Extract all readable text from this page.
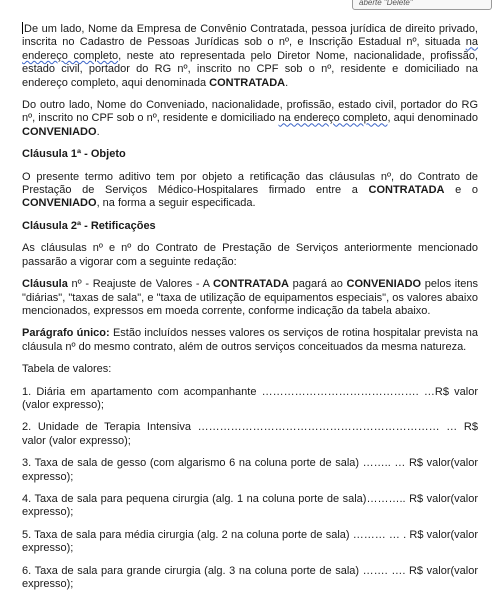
aberte "Delete"

De um lado, Nome da Empresa de Convênio Contratada, pessoa jurídica de direito privado, inscrita no Cadastro de Pessoas Jurídicas sob o nº, e Inscrição Estadual nº, situada na endereço completo, neste ato representada pelo Diretor Nome, nacionalidade, profissão, estado civil, portador do RG nº, inscrito no CPF sob o nº, residente e domiciliado na endereço completo, aqui denominada CONTRATADA.

Do outro lado, Nome do Conveniado, nacionalidade, profissão, estado civil, portador do RG nº, inscrito no CPF sob o nº, residente e domiciliado na endereço completo, aqui denominado CONVENIADO.

Cláusula 1ª - Objeto

O presente termo aditivo tem por objeto a retificação das cláusulas nº, do Contrato de Prestação de Serviços Médico-Hospitalares firmado entre a CONTRATADA e o CONVENIADO, na forma a seguir especificada.

Cláusula 2ª - Retificações

As cláusulas nº e nº do Contrato de Prestação de Serviços anteriormente mencionado passarão a vigorar com a seguinte redação:

Cláusula nº - Reajuste de Valores - A CONTRATADA pagará ao CONVENIADO pelos itens "diárias", "taxas de sala", e "taxa de utilização de equipamentos especiais", os valores abaixo mencionados, expressos em moeda corrente, conforme indicação da tabela abaixo.

Parágrafo único: Estão incluídos nesses valores os serviços de rotina hospitalar prevista na cláusula nº do mesmo contrato, além de outros serviços conceituados da mesma natureza.

Tabela de valores:

1. Diária em apartamento com acompanhante ……………………………………. …R$ valor (valor expresso);

2. Unidade de Terapia Intensiva ………………………………………………………… … R$ valor (valor expresso);

3. Taxa de sala de gesso (com algarismo 6 na coluna porte de sala) …….. … R$ valor(valor expresso);

4. Taxa de sala para pequena cirurgia (alg. 1 na coluna porte de sala)……….. R$ valor(valor expresso);

5. Taxa de sala para média cirurgia (alg. 2 na coluna porte de sala) ……… … . R$ valor(valor expresso);

6. Taxa de sala para grande cirurgia (alg. 3 na coluna porte de sala) ……. …. R$ valor(valor expresso);
